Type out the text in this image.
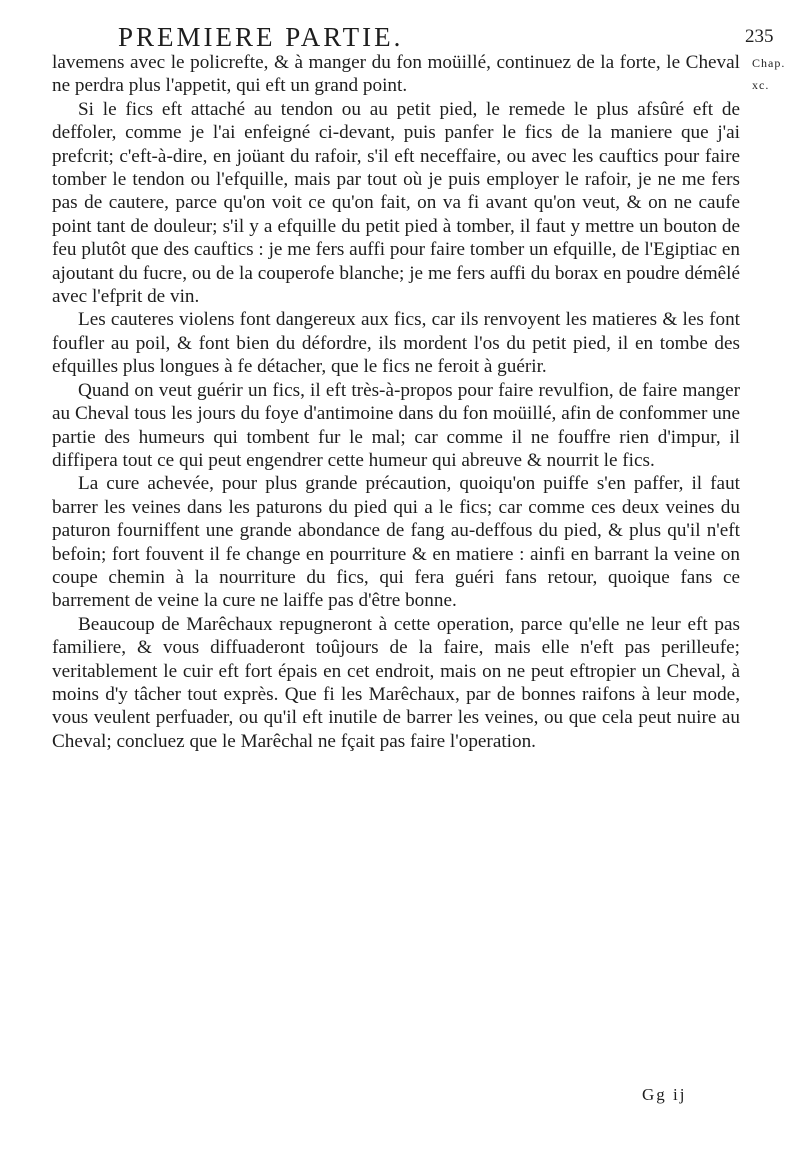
PREMIERE PARTIE.	235
Chap.
xc.

lavemens avec le policrefte, & à manger du fon moüillé, continuez de la forte, le Cheval ne perdra plus l'appetit, qui eft un grand point.

Si le fics eft attaché au tendon ou au petit pied, le remede le plus afsûré eft de deffoler, comme je l'ai enfeigné ci-devant, puis panfer le fics de la maniere que j'ai prefcrit; c'eft-à-dire, en joüant du rafoir, s'il eft neceffaire, ou avec les cauftics pour faire tomber le tendon ou l'efquille, mais par tout où je puis employer le rafoir, je ne me fers pas de cautere, parce qu'on voit ce qu'on fait, on va fi avant qu'on veut, & on ne caufe point tant de douleur; s'il y a efquille du petit pied à tomber, il faut y mettre un bouton de feu plutôt que des cauftics : je me fers auffi pour faire tomber un efquille, de l'Egiptiac en ajoutant du fucre, ou de la couperofe blanche; je me fers auffi du borax en poudre démêlé avec l'efprit de vin.

Les cauteres violens font dangereux aux fics, car ils renvoyent les matieres & les font foufler au poil, & font bien du défordre, ils mordent l'os du petit pied, il en tombe des efquilles plus longues à fe détacher, que le fics ne feroit à guérir.

Quand on veut guérir un fics, il eft très-à-propos pour faire revulfion, de faire manger au Cheval tous les jours du foye d'antimoine dans du fon moüillé, afin de confommer une partie des humeurs qui tombent fur le mal; car comme il ne fouffre rien d'impur, il diffipera tout ce qui peut engendrer cette humeur qui abreuve & nourrit le fics.

La cure achevée, pour plus grande précaution, quoiqu'on puiffe s'en paffer, il faut barrer les veines dans les paturons du pied qui a le fics; car comme ces deux veines du paturon fourniffent une grande abondance de fang au-deffous du pied, & plus qu'il n'eft befoin; fort fouvent il fe change en pourriture & en matiere : ainfi en barrant la veine on coupe chemin à la nourriture du fics, qui fera guéri fans retour, quoique fans ce barrement de veine la cure ne laiffe pas d'être bonne.

Beaucoup de Marêchaux repugneront à cette operation, parce qu'elle ne leur eft pas familiere, & vous diffuaderont toûjours de la faire, mais elle n'eft pas perilleufe; veritablement le cuir eft fort épais en cet endroit, mais on ne peut eftropier un Cheval, à moins d'y tâcher tout exprès. Que fi les Marêchaux, par de bonnes raifons à leur mode, vous veulent perfuader, ou qu'il eft inutile de barrer les veines, ou que cela peut nuire au Cheval; concluez que le Marêchal ne fçait pas faire l'operation.

Gg ij
